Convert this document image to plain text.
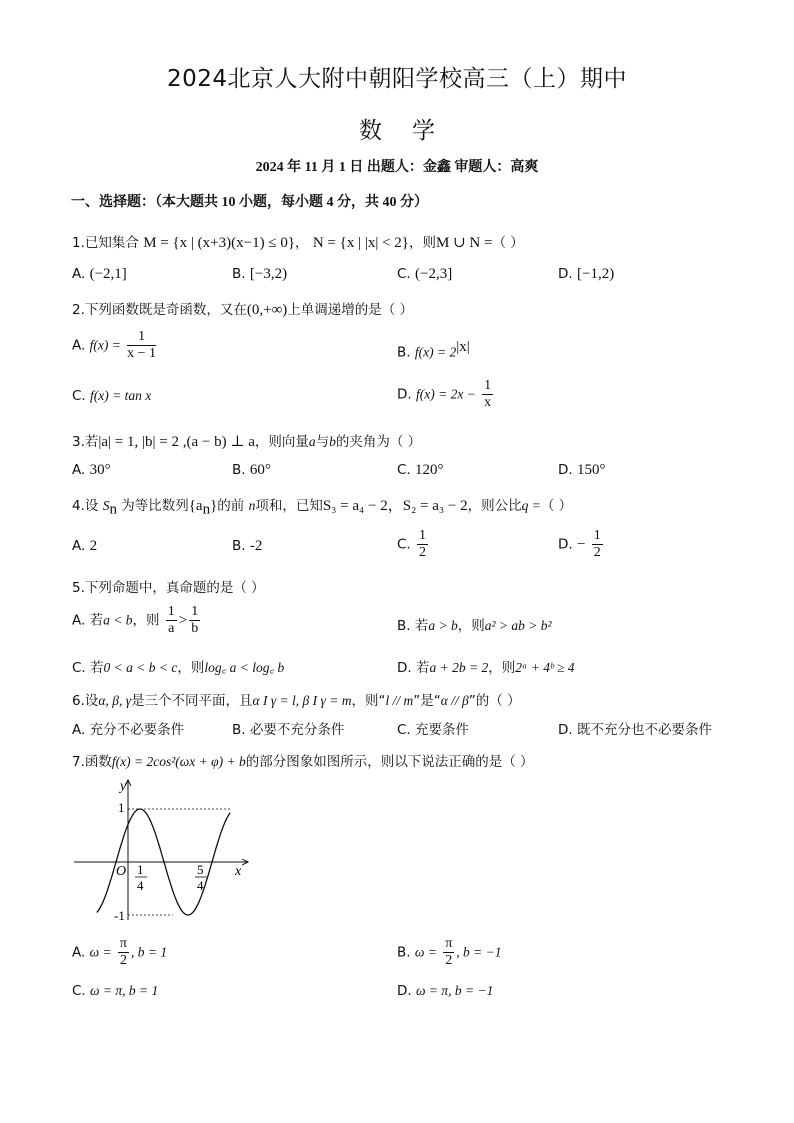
2024北京人大附中朝阳学校高三（上）期中
数学
2024 年 11 月 1 日 出题人：金鑫 审题人：高爽
一、选择题：（本大题共 10 小题，每小题 4 分，共 40 分）
1.已知集合 M = {x | (x+3)(x−1) ≤ 0}， N = {x | |x| < 2}，则M ∪ N =（ ）
A. (−2,1]	B. [−3,2)	C. (−2,3]	D. [−1,2)
2.下列函数既是奇函数，又在(0,+∞)上单调递增的是（ ）
A. $f(x) = \frac{1}{x - 1}$	B. $f(x) = 2^{|x|}$
C. f(x) = tan x	D. $f(x) = 2x - \frac{1}{x}$
3.若|a| = 1, |b| = 2 ,(a − b) ⊥ a，则向量a与b的夹角为（ ）
A. 30°	B. 60°	C. 120°	D. 150°
4.设 $S_n$ 为等比数列$\{a_n\}$的前 n项和，已知S₃ = a₄ − 2，S₂ = a₃ − 2，则公比q =（ ）
A. 2	B. -2	C. $\frac{1}{2}$	D. − $\frac{1}{2}$
5.下列命题中，真命题的是（ ）
A. 若a < b，则 $\frac{1}{a} > \frac{1}{b}$	B. 若a > b，则a² > ab > b²
C. 若0 < a < b < c，则log꜀ a < log꜀ b	D. 若a + 2b = 2，则2ᵃ + 4ᵇ ≥ 4
6.设α, β, γ是三个不同平面，且α I γ = l, β I γ = m，则“l // m”是“α // β”的（ ）
A. 充分不必要条件	B. 必要不充分条件	C. 充要条件	D. 既不充分也不必要条件
7.函数f(x) = 2cos²(ωx + φ) + b的部分图象如图所示，则以下说法正确的是（ ）
y
x
O
1
-1
1
4
5
4
A. $\omega = \frac{\pi}{2}$ , b = 1	B. $\omega = \frac{\pi}{2}$ , b = −1
C. ω = π, b = 1	D. ω = π, b = −1
